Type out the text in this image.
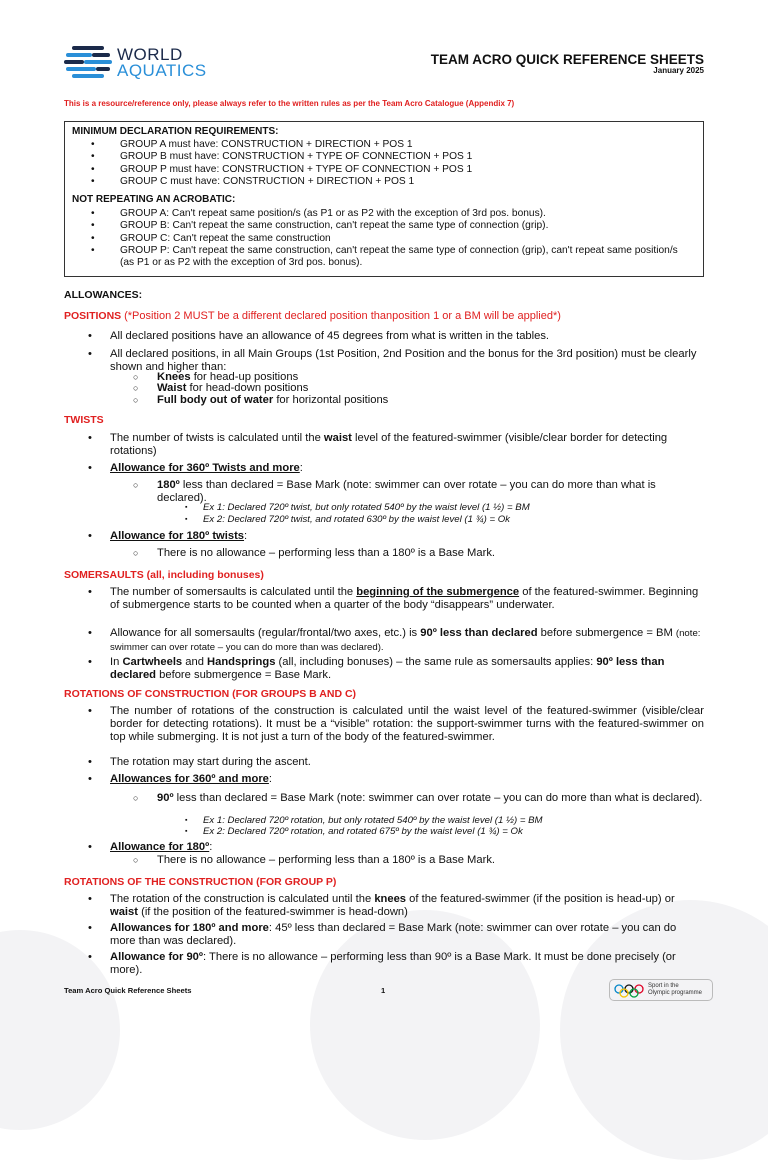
WORLD
AQUATICS
TEAM ACRO QUICK REFERENCE SHEETS
January 2025
This is a resource/reference only, please always refer to the written rules as per the Team Acro Catalogue (Appendix 7)
MINIMUM DECLARATION REQUIREMENTS:
• GROUP A must have: CONSTRUCTION + DIRECTION + POS 1
• GROUP B must have: CONSTRUCTION + TYPE OF CONNECTION + POS 1
• GROUP P must have: CONSTRUCTION + TYPE OF CONNECTION + POS 1
• GROUP C must have: CONSTRUCTION + DIRECTION + POS 1
NOT REPEATING AN ACROBATIC:
• GROUP A: Can't repeat same position/s (as P1 or as P2 with the exception of 3rd pos. bonus).
• GROUP B: Can't repeat the same construction, can't repeat the same type of connection (grip).
• GROUP C: Can't repeat the same construction
• GROUP P: Can't repeat the same construction, can't repeat the same type of connection (grip), can't repeat same position/s (as P1 or as P2 with the exception of 3rd pos. bonus).
ALLOWANCES:
POSITIONS (*Position 2 MUST be a different declared position thanposition 1 or a BM will be applied*)
• All declared positions have an allowance of 45 degrees from what is written in the tables.
• All declared positions, in all Main Groups (1st Position, 2nd Position and the bonus for the 3rd position) must be clearly shown and higher than:
○ Knees for head-up positions
○ Waist for head-down positions
○ Full body out of water for horizontal positions
TWISTS
• The number of twists is calculated until the waist level of the featured-swimmer (visible/clear border for detecting rotations)
• Allowance for 360º Twists and more:
○ 180º less than declared = Base Mark (note: swimmer can over rotate – you can do more than what is declared).
▪ Ex 1: Declared 720º twist, but only rotated 540º by the waist level (1 ½) = BM
▪ Ex 2: Declared 720º twist, and rotated 630º by the waist level (1 ¾) = Ok
• Allowance for 180º twists:
○ There is no allowance – performing less than a 180º is a Base Mark.
SOMERSAULTS (all, including bonuses)
• The number of somersaults is calculated until the beginning of the submergence of the featured-swimmer. Beginning of submergence starts to be counted when a quarter of the body “disappears” underwater.
• Allowance for all somersaults (regular/frontal/two axes, etc.) is 90º less than declared before submergence = BM (note: swimmer can over rotate – you can do more than was declared).
• In Cartwheels and Handsprings (all, including bonuses) – the same rule as somersaults applies: 90º less than declared before submergence = Base Mark.
ROTATIONS OF CONSTRUCTION (FOR GROUPS B AND C)
• The number of rotations of the construction is calculated until the waist level of the featured-swimmer (visible/clear border for detecting rotations). It must be a “visible” rotation: the support-swimmer turns with the featured-swimmer on top while submerging. It is not just a turn of the body of the featured-swimmer.
• The rotation may start during the ascent.
• Allowances for 360º and more:
○ 90º less than declared = Base Mark (note: swimmer can over rotate – you can do more than what is declared).
▪ Ex 1: Declared 720º rotation, but only rotated 540º by the waist level (1 ½) = BM
▪ Ex 2: Declared 720º rotation, and rotated 675º by the waist level (1 ¾) = Ok
• Allowance for 180º:
○ There is no allowance – performing less than a 180º is a Base Mark.
ROTATIONS OF THE CONSTRUCTION (FOR GROUP P)
• The rotation of the construction is calculated until the knees of the featured-swimmer (if the position is head-up) or waist (if the position of the featured-swimmer is head-down)
• Allowances for 180º and more: 45º less than declared = Base Mark (note: swimmer can over rotate – you can do more than was declared).
• Allowance for 90º: There is no allowance – performing less than 90º is a Base Mark. It must be done precisely (or more).
Team Acro Quick Reference Sheets	1	Sport in the
Olympic programme
